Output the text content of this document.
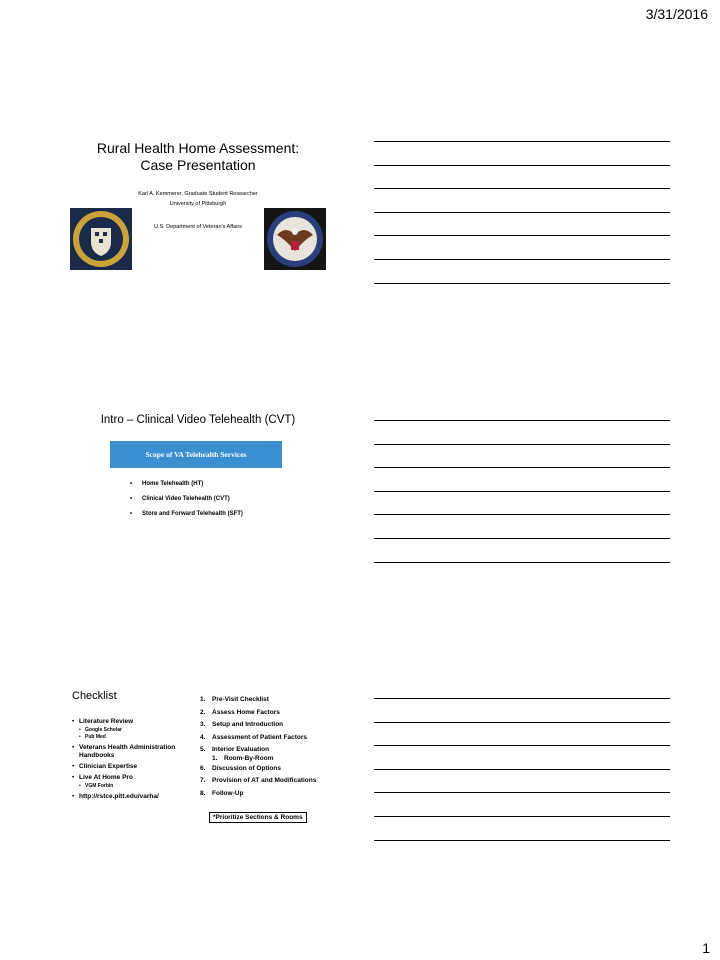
3/31/2016
Rural Health Home Assessment:
Case Presentation
Karl A. Kemmerer, Graduate Student Researcher
University of Pittsburgh
U.S. Department of Veteran's Affairs
Intro – Clinical Video Telehealth (CVT)
Scope of VA Telehealth Services
• Home Telehealth (HT)
• Clinical Video Telehealth (CVT)
• Store and Forward Telehealth (SFT)
Checklist
• Literature Review
• Google Scholar
• Pub Med
• Veterans Health Administration Handbooks
• Clinician Expertise
• Live At Home Pro
• VGM Forbin
• http://rstce.pitt.edu/varha/
1. Pre-Visit Checklist
2. Assess Home Factors
3. Setup and Introduction
4. Assessment of Patient Factors
5. Interior Evaluation
1. Room-By-Room
6. Discussion of Options
7. Provision of AT and Modifications
8. Follow-Up
*Prioritize Sections & Rooms
1
